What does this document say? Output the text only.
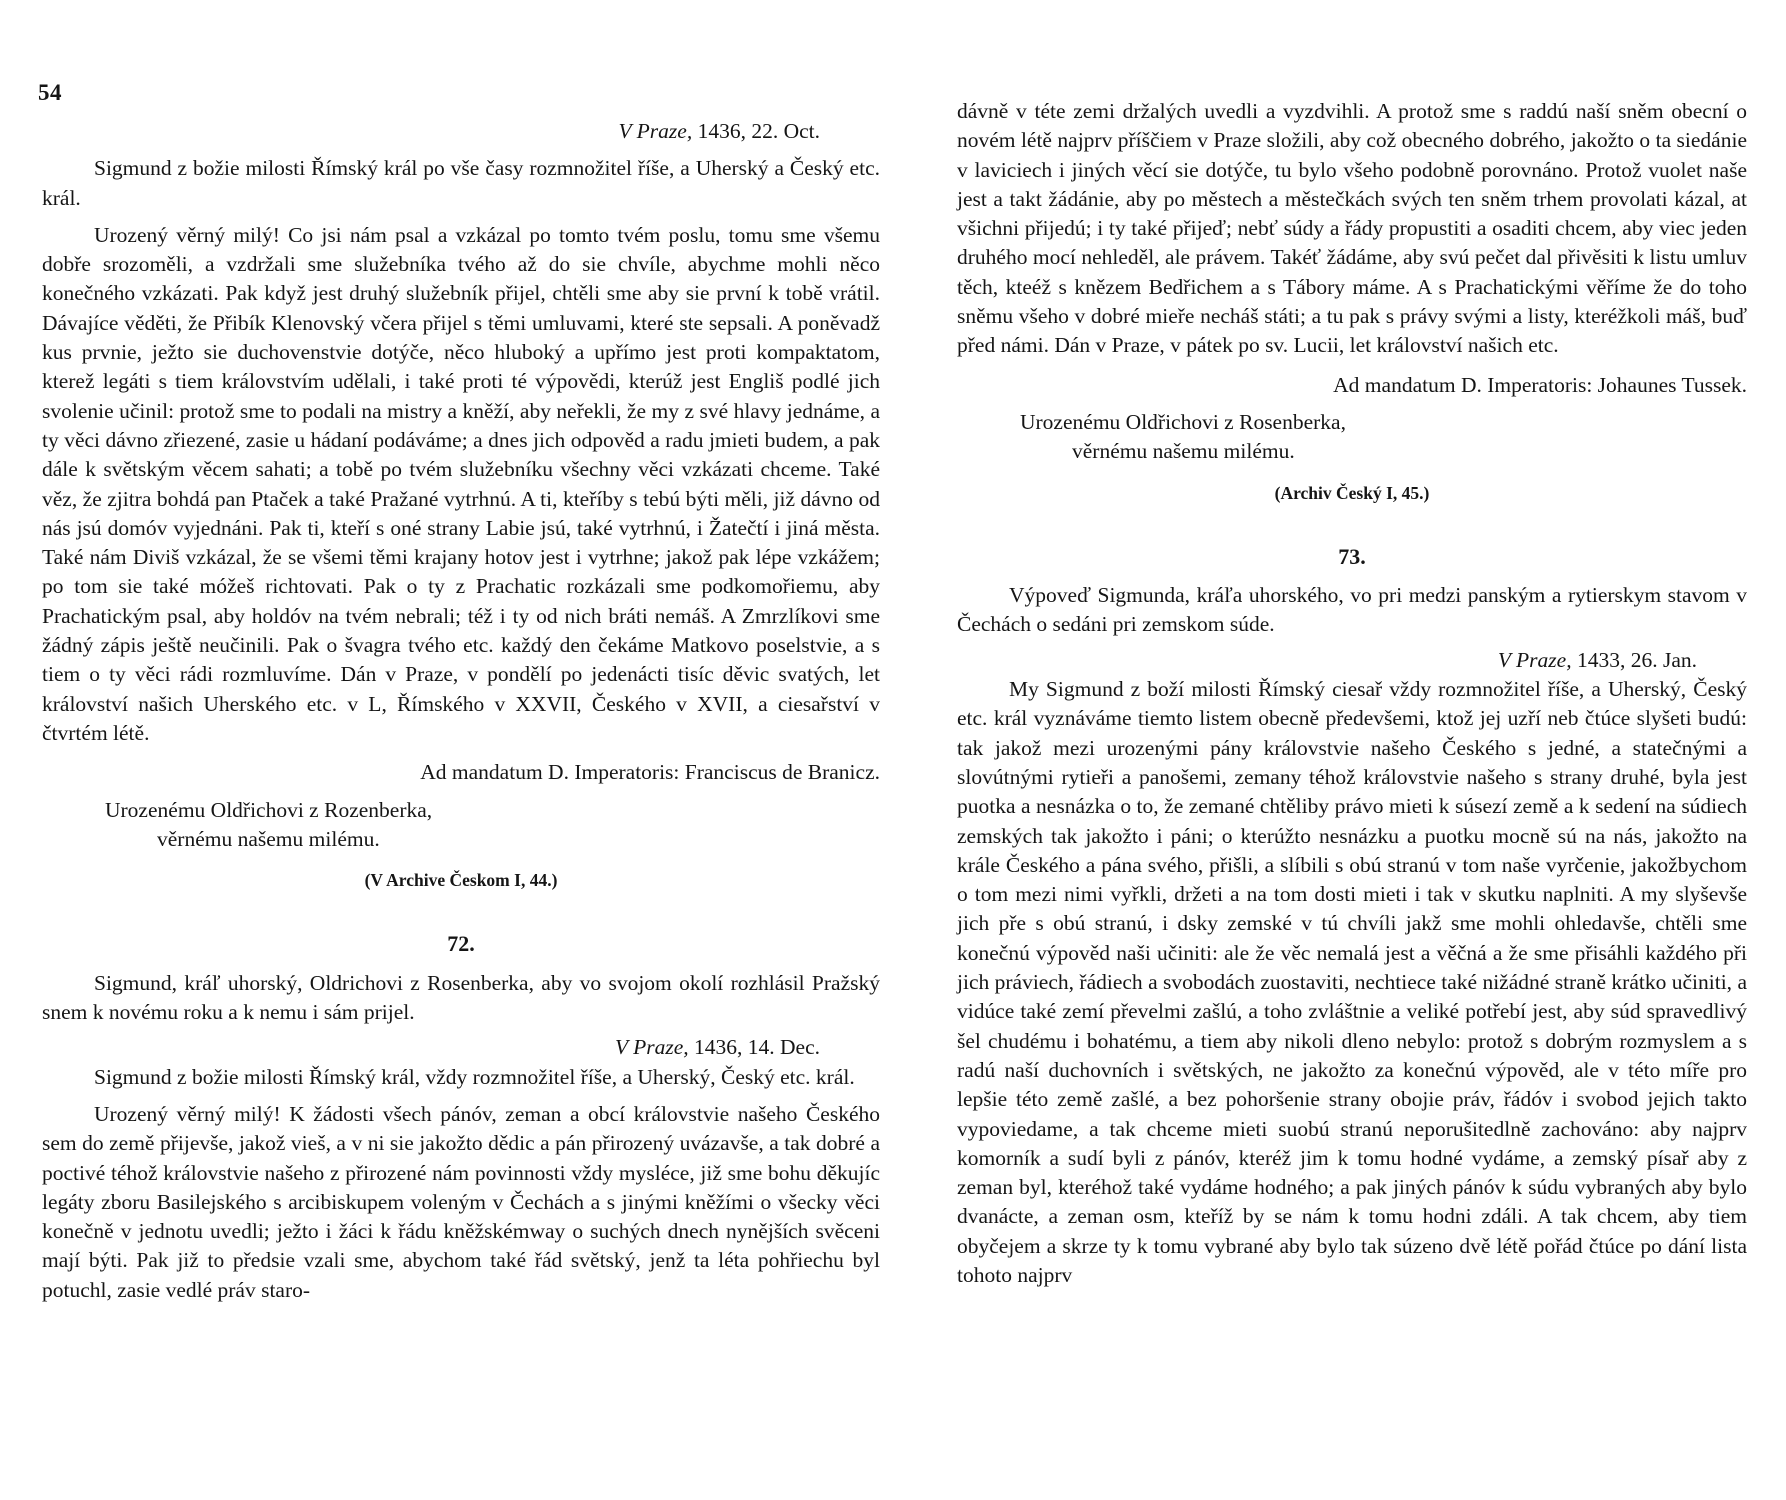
54

V Praze, 1436, 22. Oct.

Sigmund z božie milosti Římský král po vše časy rozmnožitel říše, a Uherský a Český etc. král.

Urozený věrný milý! Co jsi nám psal a vzkázal po tomto tvém poslu, tomu sme všemu dobře srozoměli, a vzdržali sme služebníka tvého až do sie chvíle, abychme mohli něco konečného vzkázati. Pak když jest druhý služebník přijel, chtěli sme aby sie první k tobě vrátil. Dávajíce věděti, že Přibík Klenovský včera přijel s těmi umluvami, které ste sepsali. A poněvadž kus prvnie, ježto sie duchovenstvie dotýče, něco hluboký a upřímo jest proti kompaktatom, kterež legáti s tiem královstvím udělali, i také proti té výpovědi, kterúž jest Engliš podlé jich svolenie učinil: protož sme to podali na mistry a kněží, aby neřekli, že my z své hlavy jednáme, a ty věci dávno zřiezené, zasie u hádaní podáváme; a dnes jich odpověd a radu jmieti budem, a pak dále k světským věcem sahati; a tobě po tvém služebníku všechny věci vzkázati chceme. Také věz, že zjitra bohdá pan Ptaček a také Pražané vytrhnú. A ti, kteříby s tebú býti měli, již dávno od nás jsú domóv vyjednáni. Pak ti, kteří s oné strany Labie jsú, také vytrhnú, i Žatečtí i jiná města. Také nám Diviš vzkázal, že se všemi těmi krajany hotov jest i vytrhne; jakož pak lépe vzkážem; po tom sie také móžeš richtovati. Pak o ty z Prachatic rozkázali sme podkomořiemu, aby Prachatickým psal, aby holdóv na tvém nebrali; též i ty od nich bráti nemáš. A Zmrzlíkovi sme žádný zápis ještě neučinili. Pak o švagra tvého etc. každý den čekáme Matkovo poselstvie, a s tiem o ty věci rádi rozmluvíme. Dán v Praze, v pondělí po jedenácti tisíc děvic svatých, let království našich Uherského etc. v L, Římského v XXVII, Českého v XVII, a ciesařství v čtvrtém létě.

Ad mandatum D. Imperatoris: Franciscus de Branicz.

Urozenému Oldřichovi z Rozenberka,

věrnému našemu milému.

(V Archive Českom I, 44.)

72.

Sigmund, kráľ uhorský, Oldrichovi z Rosenberka, aby vo svojom okolí rozhlásil Pražský snem k novému roku a k nemu i sám prijel.

V Praze, 1436, 14. Dec.

Sigmund z božie milosti Římský král, vždy rozmnožitel říše, a Uherský, Český etc. král.

Urozený věrný milý! K žádosti všech pánóv, zeman a obcí královstvie našeho Českého sem do země přijevše, jakož vieš, a v ni sie jakožto dědic a pán přirozený uvázavše, a tak dobré a poctivé téhož královstvie našeho z přirozené nám povinnosti vždy mysléce, již sme bohu děkujíc legáty zboru Basilejského s arcibiskupem voleným v Čechách a s jinými kněžími o všecky věci konečně v jednotu uvedli; ježto i žáci k řádu kněžskémway o suchých dnech nynějších svěceni mají býti. Pak již to předsie vzali sme, abychom také řád světský, jenž ta léta pohřiechu byl potuchl, zasie vedlé práv staro-

dávně v téte zemi držalých uvedli a vyzdvihli. A protož sme s raddú naší sněm obecní o novém létě najprv příščiem v Praze složili, aby což obecného dobrého, jakožto o ta siedánie v laviciech i jiných věcí sie dotýče, tu bylo všeho podobně porovnáno. Protož vuolet naše jest a takt žádánie, aby po městech a městečkách svých ten sněm trhem provolati kázal, at všichni přijedú; i ty také přijeď; nebť súdy a řády propustiti a osaditi chcem, aby viec jeden druhého mocí nehleděl, ale právem. Takéť žádáme, aby svú pečet dal přivěsiti k listu umluv těch, kteéž s knězem Bedřichem a s Tábory máme. A s Prachatickými věříme že do toho sněmu všeho v dobré mieře necháš státi; a tu pak s právy svými a listy, kteréžkoli máš, buď před námi. Dán v Praze, v pátek po sv. Lucii, let království našich etc.

Ad mandatum D. Imperatoris: Johaunes Tussek.

Urozenému Oldřichovi z Rosenberka,

věrnému našemu milému.

(Archiv Český I, 45.)

73.

Výpoveď Sigmunda, kráľa uhorského, vo pri medzi panským a rytierskym stavom v Čechách o sedáni pri zemskom súde.

V Praze, 1433, 26. Jan.

My Sigmund z boží milosti Římský ciesař vždy rozmnožitel říše, a Uherský, Český etc. král vyznáváme tiemto listem obecně předevšemi, ktož jej uzří neb čtúce slyšeti budú: tak jakož mezi urozenými pány královstvie našeho Českého s jedné, a statečnými a slovútnými rytieři a panošemi, zemany téhož královstvie našeho s strany druhé, byla jest puotka a nesnázka o to, že zemané chtěliby právo mieti k súsezí země a k sedení na súdiech zemských tak jakožto i páni; o kterúžto nesnázku a puotku mocně sú na nás, jakožto na krále Českého a pána svého, přišli, a slíbili s obú stranú v tom naše vyrčenie, jakožbychom o tom mezi nimi vyřkli, držeti a na tom dosti mieti i tak v skutku naplniti. A my slyševše jich pře s obú stranú, i dsky zemské v tú chvíli jakž sme mohli ohledavše, chtěli sme konečnú výpověd naši učiniti: ale že věc nemalá jest a věčná a že sme přisáhli každého při jich práviech, řádiech a svobodách zuostaviti, nechtiece také nižádné straně krátko učiniti, a vidúce také zemí převelmi zašlú, a toho zvláštnie a veliké potřebí jest, aby súd spravedlivý šel chudému i bohatému, a tiem aby nikoli dleno nebylo: protož s dobrým rozmyslem a s radú naší duchovních i světských, ne jakožto za konečnú výpověd, ale v této míře pro lepšie této země zašlé, a bez pohoršenie strany obojie práv, řádóv i svobod jejich takto vypoviedame, a tak chceme mieti suobú stranú neporušitedlně zachováno: aby najprv komorník a sudí byli z pánóv, kteréž jim k tomu hodné vydáme, a zemský písař aby z zeman byl, kteréhož také vydáme hodného; a pak jiných pánóv k súdu vybraných aby bylo dvanácte, a zeman osm, kteříž by se nám k tomu hodni zdáli. A tak chcem, aby tiem obyčejem a skrze ty k tomu vybrané aby bylo tak súzeno dvě létě pořád čtúce po dání lista tohoto najprv
